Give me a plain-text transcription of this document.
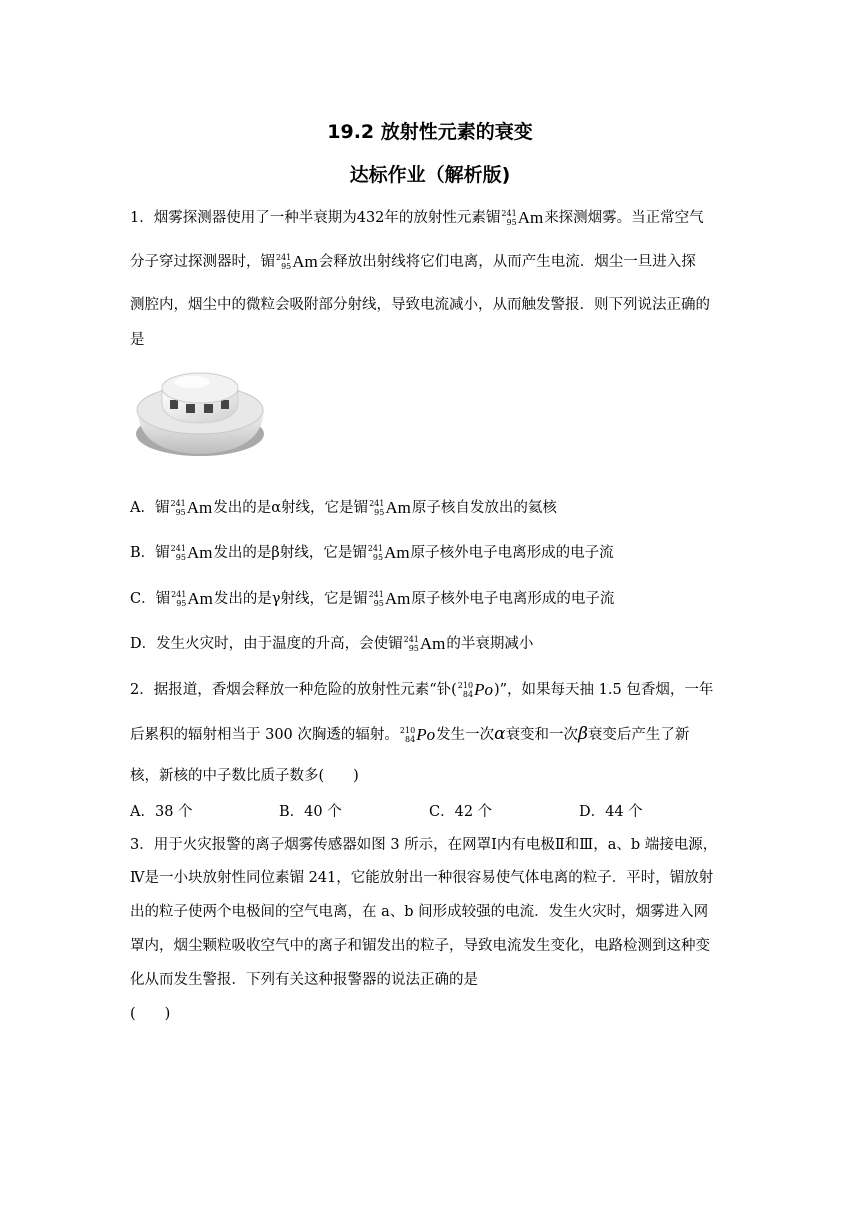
19.2 放射性元素的衰变
达标作业（解析版)
1．烟雾探测器使用了一种半衰期为432年的放射性元素镅 241
95 Am来探测烟雾。当正常空气
分子穿过探测器时，镅 241
95 Am会释放出射线将它们电离，从而产生电流．烟尘一旦进入探
测腔内，烟尘中的微粒会吸附部分射线，导致电流减小，从而触发警报．则下列说法正确的
是
A．镅 241
95 Am发出的是α射线，它是镅 241
95 Am原子核自发放出的氦核
B．镅 241
95 Am发出的是β射线，它是镅 241
95 Am原子核外电子电离形成的电子流
C．镅 241
95 Am发出的是γ射线，它是镅 241
95 Am原子核外电子电离形成的电子流
D．发生火灾时，由于温度的升高，会使镅 241
95 Am的半衰期减小
2．据报道，香烟会释放一种危险的放射性元素“钋( 210
84 Po)”，如果每天抽 1.5 包香烟，一年
后累积的辐射相当于 300 次胸透的辐射。 210
84 Po发生一次α衰变和一次β衰变后产生了新
核，新核的中子数比质子数多(　　)
A．38 个	B．40 个	C．42 个	D．44 个
3．用于火灾报警的离子烟雾传感器如图 3 所示，在网罩Ⅰ内有电极Ⅱ和Ⅲ，a、b 端接电源，
Ⅳ是一小块放射性同位素镅 241，它能放射出一种很容易使气体电离的粒子．平时，镅放射
出的粒子使两个电极间的空气电离，在 a、b 间形成较强的电流．发生火灾时，烟雾进入网
罩内，烟尘颗粒吸收空气中的离子和镅发出的粒子，导致电流发生变化，电路检测到这种变
化从而发生警报．下列有关这种报警器的说法正确的是
(　　)
